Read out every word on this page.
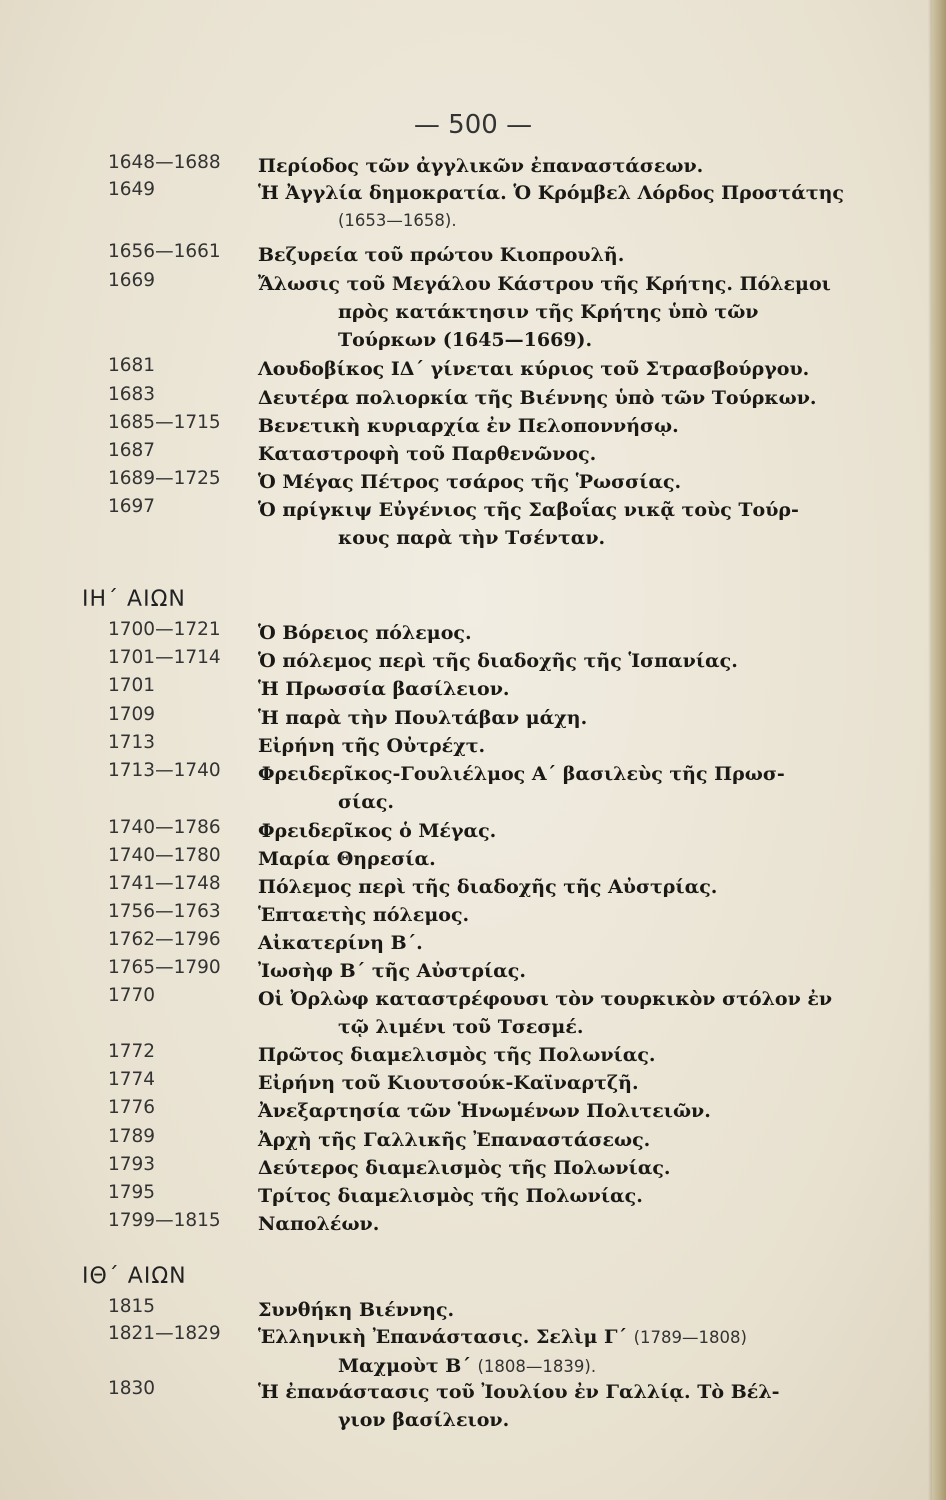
— 500 —
1648—1688 Περίοδος τῶν ἀγγλικῶν ἐπαναστάσεων.
1649	Ἡ Ἀγγλία δημοκρατία. Ὁ Κρόμβελ Λόρδος Προστάτης
(1653—1658).
1656—1661 Βεζυρεία τοῦ πρώτου Κιοπρουλῆ.
1669	Ἄλωσις τοῦ Μεγάλου Κάστρου τῆς Κρήτης. Πόλεμοι
πρὸς κατάκτησιν τῆς Κρήτης ὑπὸ τῶν
Τούρκων (1645—1669).
1681	Λουδοβίκος ΙΔ΄ γίνεται κύριος τοῦ Στρασβούργου.
1683	Δευτέρα πολιορκία τῆς Βιέννης ὑπὸ τῶν Τούρκων.
1685—1715 Βενετικὴ κυριαρχία ἐν Πελοποννήσῳ.
1687	Καταστροφὴ τοῦ Παρθενῶνος.
1689—1725 Ὁ Μέγας Πέτρος τσάρος τῆς Ῥωσσίας.
1697	Ὁ πρίγκιψ Εὐγένιος τῆς Σαβοΐας νικᾷ τοὺς Τούρ-
κους παρὰ τὴν Τσένταν.
ΙΗ΄ ΑΙΩΝ
1700—1721 Ὁ Βόρειος πόλεμος.
1701—1714 Ὁ πόλεμος περὶ τῆς διαδοχῆς τῆς Ἱσπανίας.
1701	Ἡ Πρωσσία βασίλειον.
1709	Ἡ παρὰ τὴν Πουλτάβαν μάχη.
1713	Εἰρήνη τῆς Οὐτρέχτ.
1713—1740 Φρειδερῖκος-Γουλιέλμος Α΄ βασιλεὺς τῆς Πρωσ-
σίας.
1740—1786 Φρειδερῖκος ὁ Μέγας.
1740—1780 Μαρία Θηρεσία.
1741—1748 Πόλεμος περὶ τῆς διαδοχῆς τῆς Αὐστρίας.
1756—1763 Ἑπταετὴς πόλεμος.
1762—1796 Αἰκατερίνη Β΄.
1765—1790 Ἰωσὴφ Β΄ τῆς Αὐστρίας.
1770	Οἱ Ὀρλὼφ καταστρέφουσι τὸν τουρκικὸν στόλον ἐν
τῷ λιμένι τοῦ Τσεσμέ.
1772	Πρῶτος διαμελισμὸς τῆς Πολωνίας.
1774	Εἰρήνη τοῦ Κιουτσούκ-Καϊναρτζῆ.
1776	Ἀνεξαρτησία τῶν Ἡνωμένων Πολιτειῶν.
1789	Ἀρχὴ τῆς Γαλλικῆς Ἐπαναστάσεως.
1793	Δεύτερος διαμελισμὸς τῆς Πολωνίας.
1795	Τρίτος διαμελισμὸς τῆς Πολωνίας.
1799—1815 Ναπολέων.
ΙΘ΄ ΑΙΩΝ
1815	Συνθήκη Βιέννης.
1821—1829 Ἑλληνικὴ Ἐπανάστασις. Σελὶμ Γ΄ (1789—1808)
Μαχμοὺτ Β΄ (1808—1839).
1830	Ἡ ἐπανάστασις τοῦ Ἰουλίου ἐν Γαλλίᾳ. Τὸ Βέλ-
γιον βασίλειον.
